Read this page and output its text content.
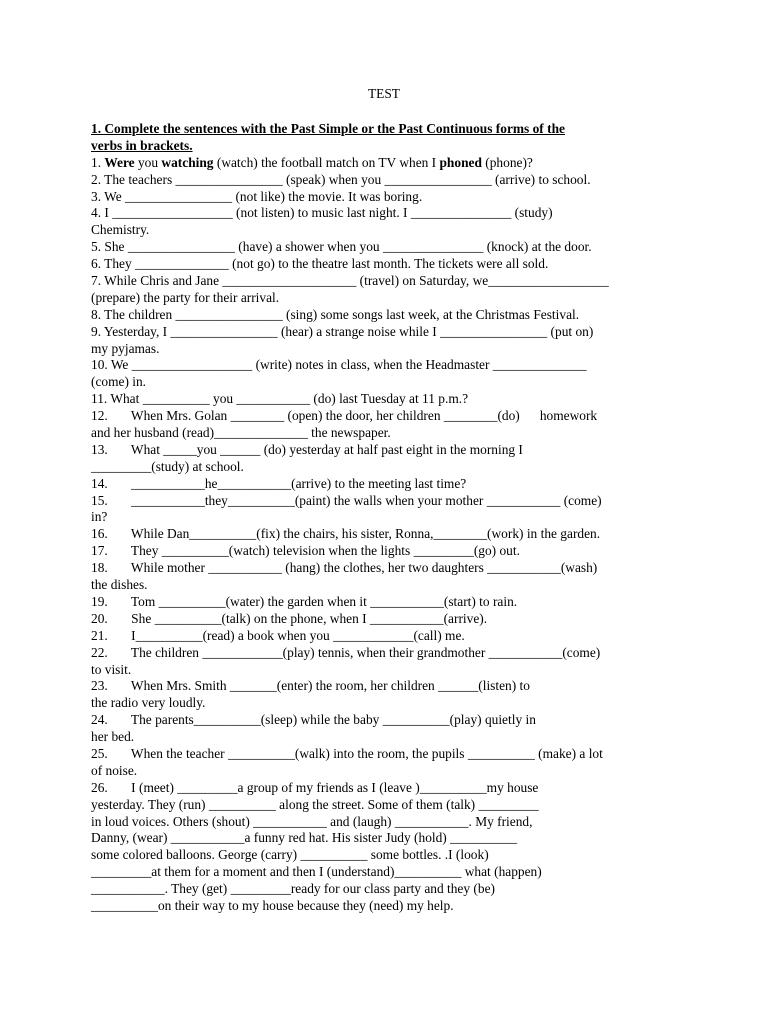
TEST
1. Complete the sentences with the Past Simple or the Past Continuous forms of the
verbs in brackets.
1. Were you watching (watch) the football match on TV when I phoned (phone)?
2. The teachers ________________ (speak) when you ________________ (arrive) to school.
3. We ________________ (not like) the movie. It was boring.
4. I __________________ (not listen) to music last night. I _______________ (study)
Chemistry.
5. She ________________ (have) a shower when you _______________ (knock) at the door.
6. They ______________ (not go) to the theatre last month. The tickets were all sold.
7. While Chris and Jane ____________________ (travel) on Saturday, we__________________
(prepare) the party for their arrival.
8. The children ________________ (sing) some songs last week, at the Christmas Festival.
9. Yesterday, I ________________ (hear) a strange noise while I ________________ (put on)
my pyjamas.
10. We __________________ (write) notes in class, when the Headmaster ______________
(come) in.
11. What __________ you ___________ (do) last Tuesday at 11 p.m.?
12.       When Mrs. Golan ________ (open) the door, her children ________(do)      homework
and her husband (read)______________ the newspaper.
13.       What _____you ______ (do) yesterday at half past eight in the morning I
_________(study) at school.
14.       ___________he___________(arrive) to the meeting last time?
15.       ___________they__________(paint) the walls when your mother ___________ (come)
in?
16.       While Dan__________(fix) the chairs, his sister, Ronna,________(work) in the garden.
17.       They __________(watch) television when the lights _________(go) out.
18.       While mother ___________ (hang) the clothes, her two daughters ___________(wash)
the dishes.
19.       Tom __________(water) the garden when it ___________(start) to rain.
20.       She __________(talk) on the phone, when I ___________(arrive).
21.       I__________(read) a book when you ____________(call) me.
22.       The children ____________(play) tennis, when their grandmother ___________(come)
to visit.
23.       When Mrs. Smith _______(enter) the room, her children ______(listen) to
the radio very loudly.
24.       The parents__________(sleep) while the baby __________(play) quietly in
her bed.
25.       When the teacher __________(walk) into the room, the pupils __________ (make) a lot
of noise.
26.       I (meet) _________a group of my friends as I (leave )__________my house
yesterday. They (run) __________ along the street. Some of them (talk) _________
in loud voices. Others (shout) ___________ and (laugh) ___________. My friend,
Danny, (wear) ___________a funny red hat. His sister Judy (hold) __________
some colored balloons. George (carry) __________ some bottles. .I (look)
_________at them for a moment and then I (understand)__________ what (happen)
___________. They (get) _________ready for our class party and they (be)
__________on their way to my house because they (need) my help.
